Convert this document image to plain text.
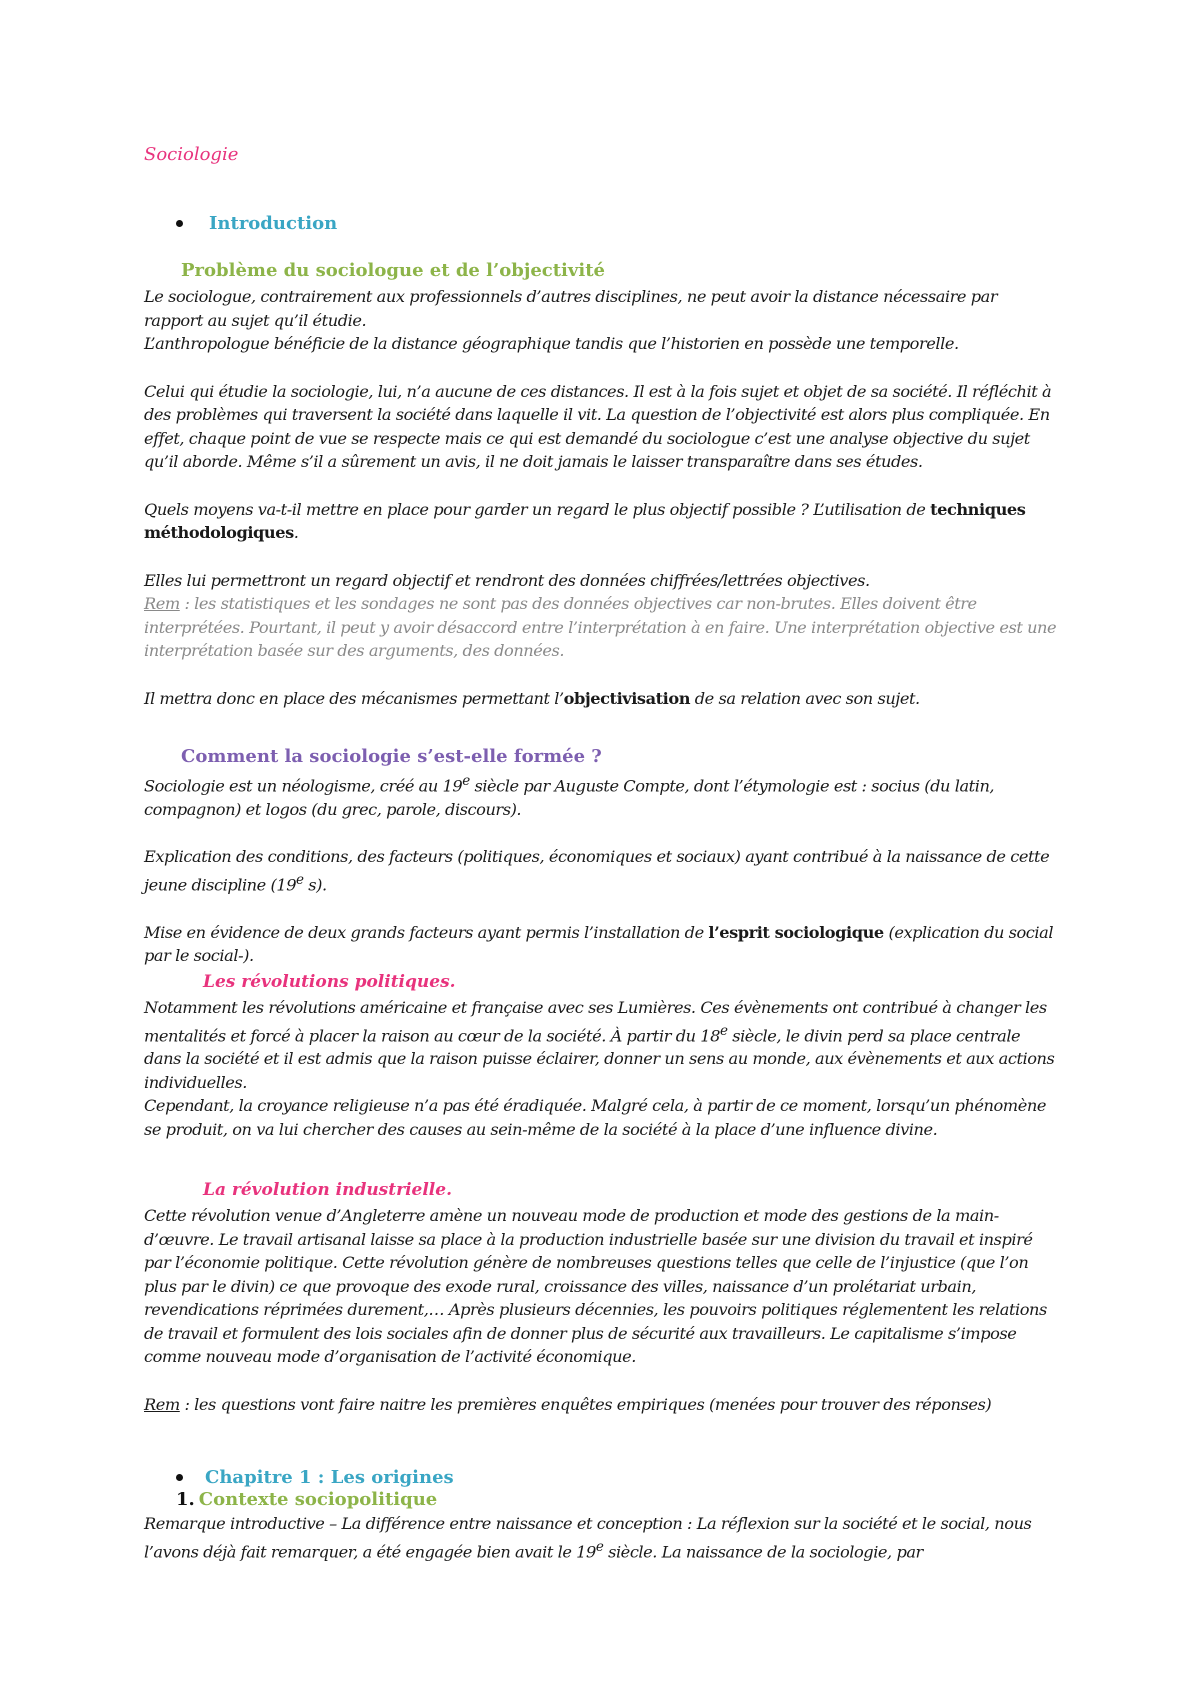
Sociologie
Introduction
Problème du sociologue et de l’objectivité

Le sociologue, contrairement aux professionnels d’autres disciplines, ne peut avoir la distance nécessaire par rapport au sujet qu’il étudie.

L’anthropologue bénéficie de la distance géographique tandis que l’historien en possède une temporelle.

Celui qui étudie la sociologie, lui, n’a aucune de ces distances. Il est à la fois sujet et objet de sa société. Il réfléchit à des problèmes qui traversent la société dans laquelle il vit. La question de l’objectivité est alors plus compliquée. En effet, chaque point de vue se respecte mais ce qui est demandé du sociologue c’est une analyse objective du sujet qu’il aborde. Même s’il a sûrement un avis, il ne doit jamais le laisser transparaître dans ses études.

Quels moyens va-t-il mettre en place pour garder un regard le plus objectif possible ? L’utilisation de techniques méthodologiques.

Elles lui permettront un regard objectif et rendront des données chiffrées/lettrées objectives.

Rem : les statistiques et les sondages ne sont pas des données objectives car non-brutes. Elles doivent être interprétées. Pourtant, il peut y avoir désaccord entre l’interprétation à en faire. Une interprétation objective est une interprétation basée sur des arguments, des données.

Il mettra donc en place des mécanismes permettant l’objectivisation de sa relation avec son sujet.

Comment la sociologie s’est-elle formée ?

Sociologie est un néologisme, créé au 19e siècle par Auguste Compte, dont l’étymologie est : socius (du latin, compagnon) et logos (du grec, parole, discours).

Explication des conditions, des facteurs (politiques, économiques et sociaux) ayant contribué à la naissance de cette jeune discipline (19e s).

Mise en évidence de deux grands facteurs ayant permis l’installation de l’esprit sociologique (explication du social par le social-).

Les révolutions politiques.

Notamment les révolutions américaine et française avec ses Lumières. Ces évènements ont contribué à changer les mentalités et forcé à placer la raison au cœur de la société. À partir du 18e siècle, le divin perd sa place centrale dans la société et il est admis que la raison puisse éclairer, donner un sens au monde, aux évènements et aux actions individuelles.

Cependant, la croyance religieuse n’a pas été éradiquée. Malgré cela, à partir de ce moment, lorsqu’un phénomène se produit, on va lui chercher des causes au sein-même de la société à la place d’une influence divine.

La révolution industrielle.

Cette révolution venue d’Angleterre amène un nouveau mode de production et mode des gestions de la main-d’œuvre. Le travail artisanal laisse sa place à la production industrielle basée sur une division du travail et inspiré par l’économie politique. Cette révolution génère de nombreuses questions telles que celle de l’injustice (que l’on plus par le divin) ce que provoque des exode rural, croissance des villes, naissance d’un prolétariat urbain, revendications réprimées durement,… Après plusieurs décennies, les pouvoirs politiques réglementent les relations de travail et formulent des lois sociales afin de donner plus de sécurité aux travailleurs. Le capitalisme s’impose comme nouveau mode d’organisation de l’activité économique.

Rem : les questions vont faire naitre les premières enquêtes empiriques (menées pour trouver des réponses)

Chapitre 1 : Les origines
1. Contexte sociopolitique

Remarque introductive – La différence entre naissance et conception : La réflexion sur la société et le social, nous l’avons déjà fait remarquer, a été engagée bien avait le 19e siècle. La naissance de la sociologie, par
